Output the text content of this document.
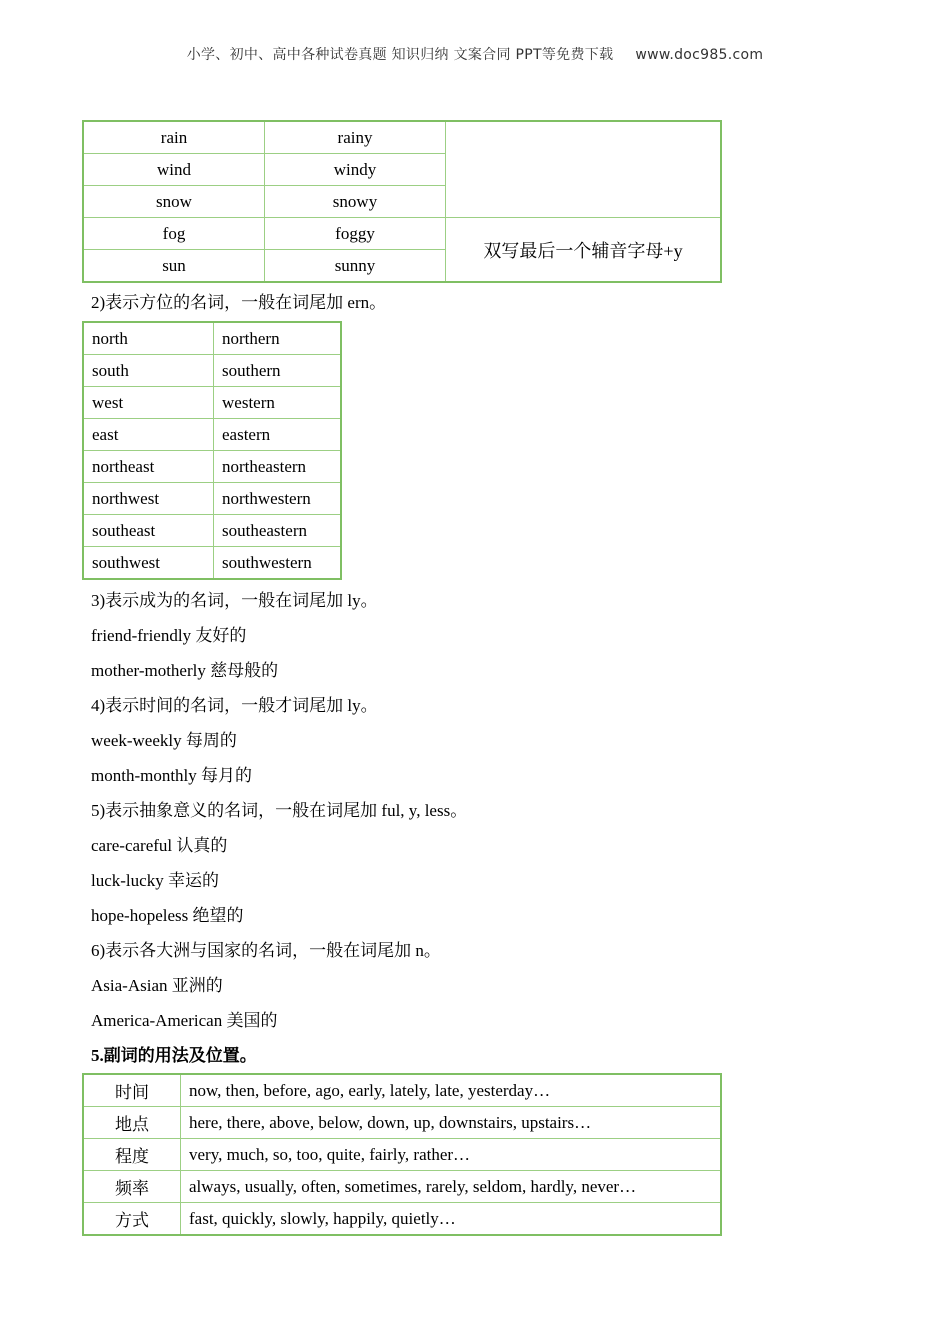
小学、初中、高中各种试卷真题 知识归纳 文案合同 PPT等免费下载 www.doc985.com
rain	rainy	
wind	windy	
snow	snowy	
fog	foggy	双写最后一个辅音字母+y
sun	sunny	
2)表示方位的名词，一般在词尾加 ern。
north	northern
south	southern
west	western
east	eastern
northeast	northeastern
northwest	northwestern
southeast	southeastern
southwest	southwestern
3)表示成为的名词，一般在词尾加 ly。
friend-friendly 友好的
mother-motherly 慈母般的
4)表示时间的名词，一般才词尾加 ly。
week-weekly 每周的
month-monthly 每月的
5)表示抽象意义的名词，一般在词尾加 ful, y, less。
care-careful 认真的
luck-lucky 幸运的
hope-hopeless 绝望的
6)表示各大洲与国家的名词，一般在词尾加 n。
Asia-Asian 亚洲的
America-American 美国的
5.副词的用法及位置。
时间	now, then, before, ago, early, lately, late, yesterday…
地点	here, there, above, below, down, up, downstairs, upstairs…
程度	very, much, so, too, quite, fairly, rather…
频率	always, usually, often, sometimes, rarely, seldom, hardly, never…
方式	fast, quickly, slowly, happily, quietly…
